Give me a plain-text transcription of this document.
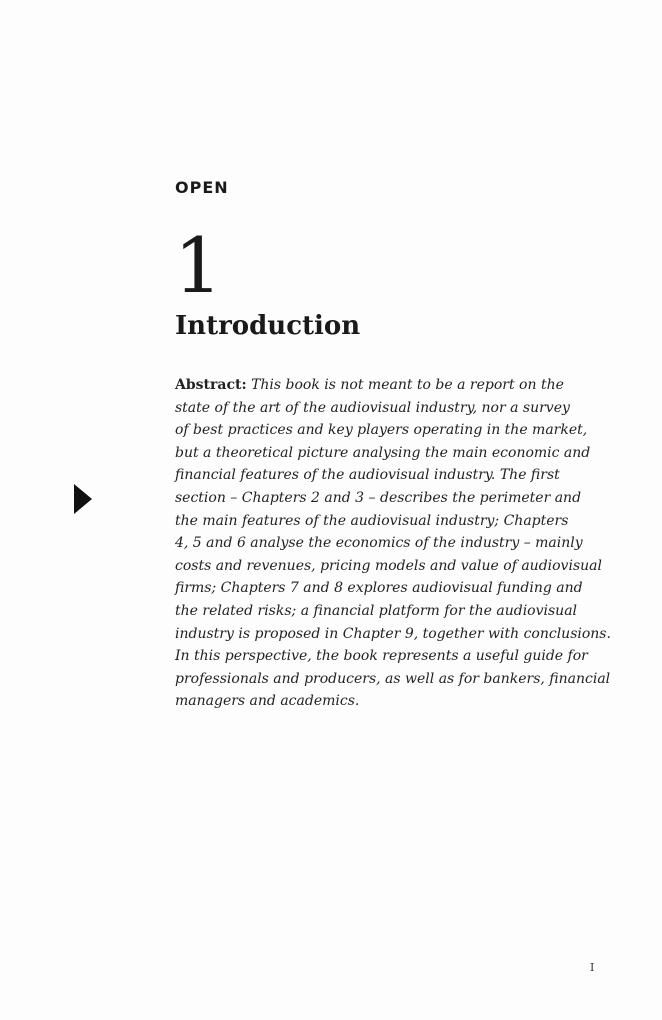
OPEN

1

Introduction
Abstract: This book is not meant to be a report on the
state of the art of the audiovisual industry, nor a survey
of best practices and key players operating in the market,
but a theoretical picture analysing the main economic and
financial features of the audiovisual industry. The first
section – Chapters 2 and 3 – describes the perimeter and
the main features of the audiovisual industry; Chapters
4, 5 and 6 analyse the economics of the industry – mainly
costs and revenues, pricing models and value of audiovisual
firms; Chapters 7 and 8 explores audiovisual funding and
the related risks; a financial platform for the audiovisual
industry is proposed in Chapter 9, together with conclusions.
In this perspective, the book represents a useful guide for
professionals and producers, as well as for bankers, financial
managers and academics.
I
